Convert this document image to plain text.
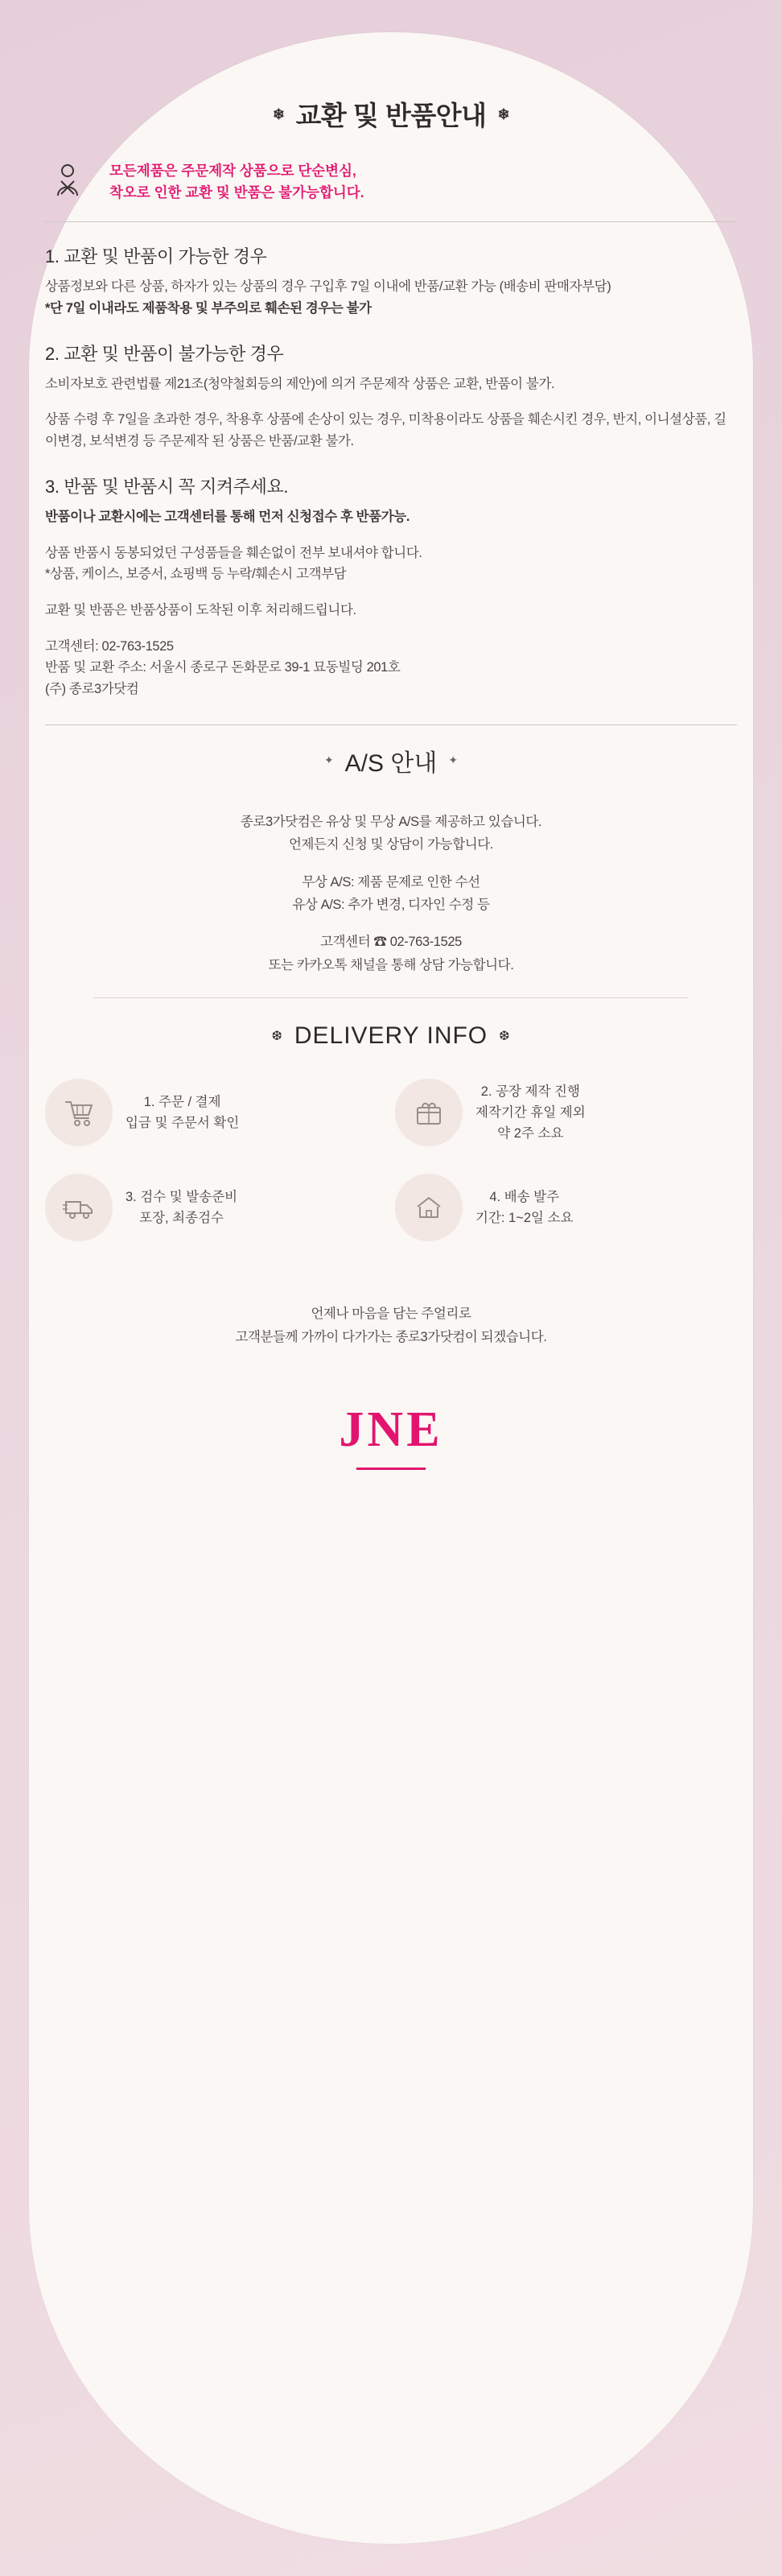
❄ 교환 및 반품안내 ❄
모든제품은 주문제작 상품으로 단순변심,
착오로 인한 교환 및 반품은 불가능합니다.
1. 교환 및 반품이 가능한 경우
상품정보와 다른 상품, 하자가 있는 상품의 경우 구입후 7일 이내에 반품/교환 가능 (배송비 판매자부담)
*단 7일 이내라도 제품착용 및 부주의로 훼손된 경우는 불가
2. 교환 및 반품이 불가능한 경우
소비자보호 관련법률 제21조(청약철회등의 제안)에 의거 주문제작 상품은 교환, 반품이 불가.
상품 수령 후 7일을 초과한 경우, 착용후 상품에 손상이 있는 경우, 미착용이라도 상품을 훼손시킨 경우, 반지, 이니셜상품, 길이변경, 보석변경 등 주문제작 된 상품은 반품/교환 불가.
3. 반품 및 반품시 꼭 지켜주세요.
반품이나 교환시에는 고객센터를 통해 먼저 신청접수 후 반품가능.
상품 반품시 동봉되었던 구성품들을 훼손없이 전부 보내셔야 합니다.
*상품, 케이스, 보증서, 쇼핑백 등 누락/훼손시 고객부담
교환 및 반품은 반품상품이 도착된 이후 처리해드립니다.
고객센터: 02-763-1525
반품 및 교환 주소: 서울시 종로구 돈화문로 39-1 묘동빌딩 201호
(주) 종로3가닷컴
✦ A/S 안내 ✦
종로3가닷컴은 유상 및 무상 A/S를 제공하고 있습니다.
언제든지 신청 및 상담이 가능합니다.
무상 A/S: 제품 문제로 인한 수선
유상 A/S: 추가 변경, 디자인 수정 등
고객센터 ☎ 02-763-1525
또는 카카오톡 채널을 통해 상담 가능합니다.
❆ DELIVERY INFO ❆
1. 주문 / 결제
입금 및 주문서 확인
2. 공장 제작 진행
제작기간 휴일 제외
약 2주 소요
3. 검수 및 발송준비
포장, 최종검수
4. 배송 발주
기간: 1~2일 소요
언제나 마음을 담는 주얼리로
고객분들께 가까이 다가가는 종로3가닷컴이 되겠습니다.
JNE
